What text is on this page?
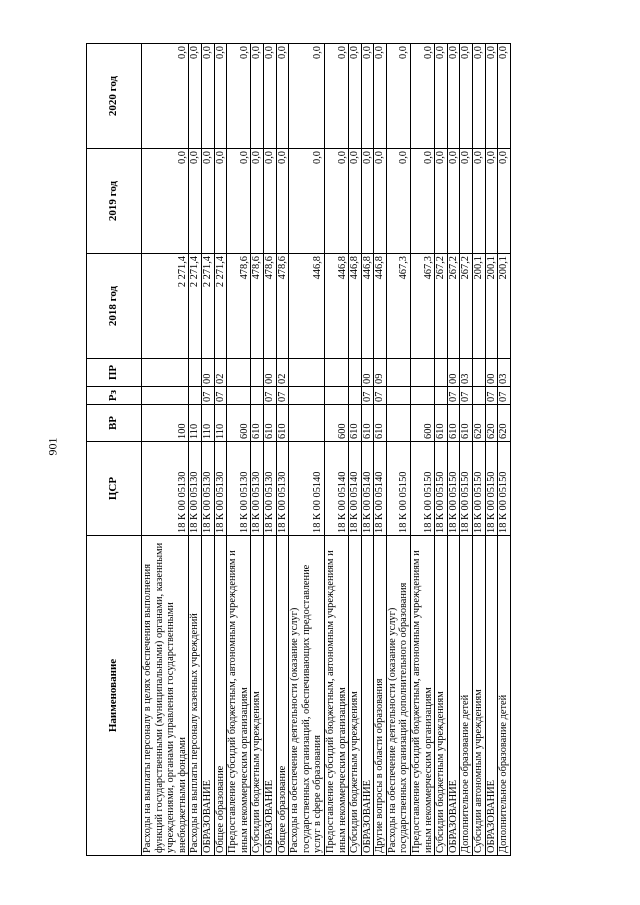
901
Наименование	ЦСР	ВР	Рз	ПР	2018 год	2019 год	2020 год
Расходы на выплаты персоналу в целях обеспечения выполнения функций государственными (муниципальными) органами, казенными учреждениями, органами управления государственными внебюджетными фондами	18 К 00 05130	100			2 271,4	0,0	0,0
Расходы на выплаты персоналу казенных учреждений	18 К 00 05130	110			2 271,4	0,0	0,0
ОБРАЗОВАНИЕ	18 К 00 05130	110	07	00	2 271,4	0,0	0,0
Общее образование	18 К 00 05130	110	07	02	2 271,4	0,0	0,0
Предоставление субсидий бюджетным, автономным учреждениям и иным некоммерческим организациям	18 К 00 05130	600			478,6	0,0	0,0
Субсидии бюджетным учреждениям	18 К 00 05130	610			478,6	0,0	0,0
ОБРАЗОВАНИЕ	18 К 00 05130	610	07	00	478,6	0,0	0,0
Общее образование	18 К 00 05130	610	07	02	478,6	0,0	0,0
Расходы на обеспечение деятельности (оказание услуг) государственных организаций, обеспечивающих предоставление услуг в сфере образования	18 К 00 05140				446,8	0,0	0,0
Предоставление субсидий бюджетным, автономным учреждениям и иным некоммерческим организациям	18 К 00 05140	600			446,8	0,0	0,0
Субсидии бюджетным учреждениям	18 К 00 05140	610			446,8	0,0	0,0
ОБРАЗОВАНИЕ	18 К 00 05140	610	07	00	446,8	0,0	0,0
Другие вопросы в области образования	18 К 00 05140	610	07	09	446,8	0,0	0,0
Расходы на обеспечение деятельности (оказание услуг) государственных организаций дополнительного образования	18 К 00 05150				467,3	0,0	0,0
Предоставление субсидий бюджетным, автономным учреждениям и иным некоммерческим организациям	18 К 00 05150	600			467,3	0,0	0,0
Субсидии бюджетным учреждениям	18 К 00 05150	610			267,2	0,0	0,0
ОБРАЗОВАНИЕ	18 К 00 05150	610	07	00	267,2	0,0	0,0
Дополнительное образование детей	18 К 00 05150	610	07	03	267,2	0,0	0,0
Субсидии автономным учреждениям	18 К 00 05150	620			200,1	0,0	0,0
ОБРАЗОВАНИЕ	18 К 00 05150	620	07	00	200,1	0,0	0,0
Дополнительное образование детей	18 К 00 05150	620	07	03	200,1	0,0	0,0
